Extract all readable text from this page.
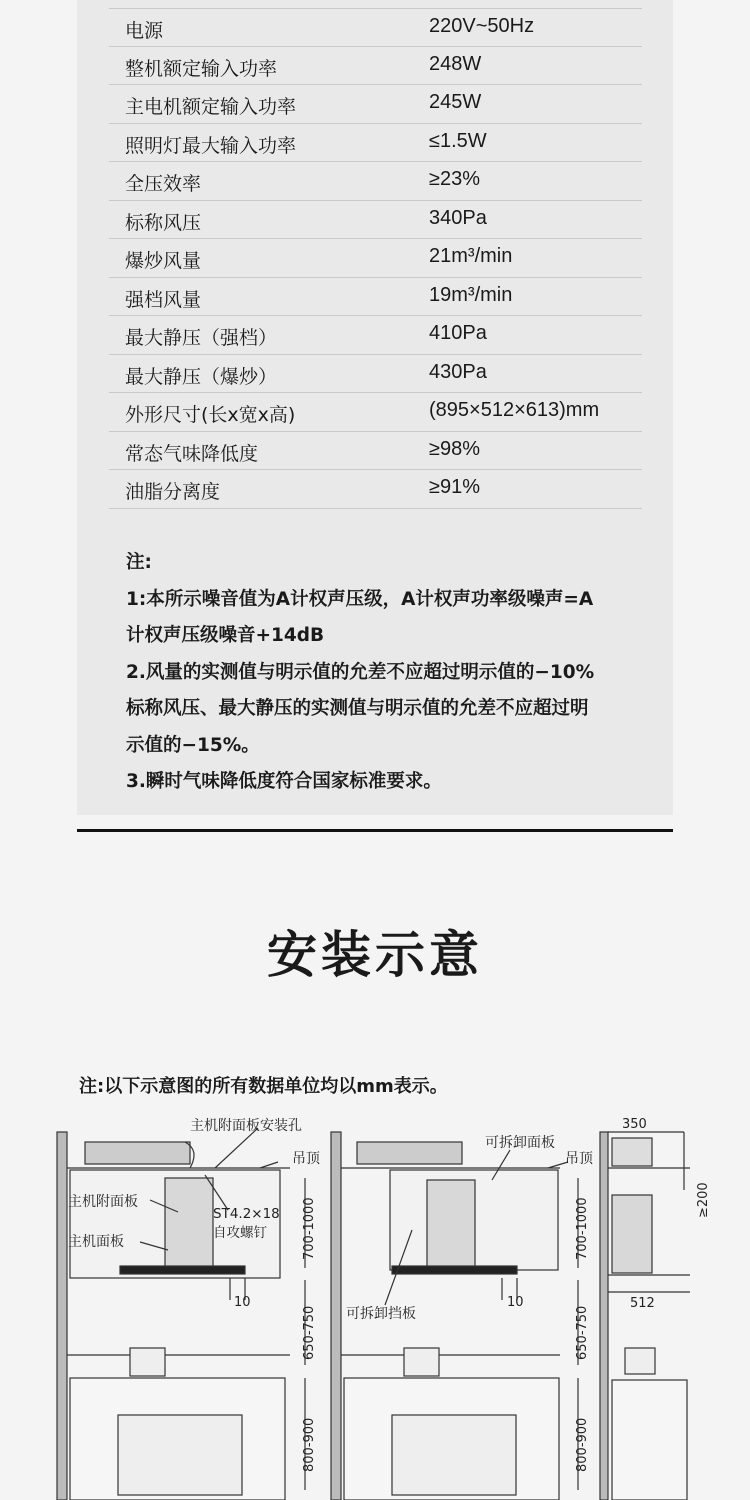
电源	220V~50Hz
整机额定输入功率	248W
主电机额定输入功率	245W
照明灯最大输入功率	≤1.5W
全压效率	≥23%
标称风压	340Pa
爆炒风量	21m³/min
强档风量	19m³/min
最大静压（强档）	410Pa
最大静压（爆炒）	430Pa
外形尺寸(长x宽x高)	(895×512×613)mm
常态气味降低度	≥98%
油脂分离度	≥91%
注:
1:本所示噪音值为A计权声压级，A计权声功率级噪声=A
计权声压级噪音+14dB
2.风量的实测值与明示值的允差不应超过明示值的−10%
标称风压、最大静压的实测值与明示值的允差不应超过明
示值的−15%。
3.瞬时气味降低度符合国家标准要求。
安装示意
注:以下示意图的所有数据单位均以mm表示。
主机附面板安装孔
吊顶
主机附面板
ST4.2×18
自攻螺钉
主机面板
10
700-1000
650-750
800-900
可拆卸面板
吊顶
可拆卸挡板
10
700-1000
650-750
800-900
350
≥200
512
